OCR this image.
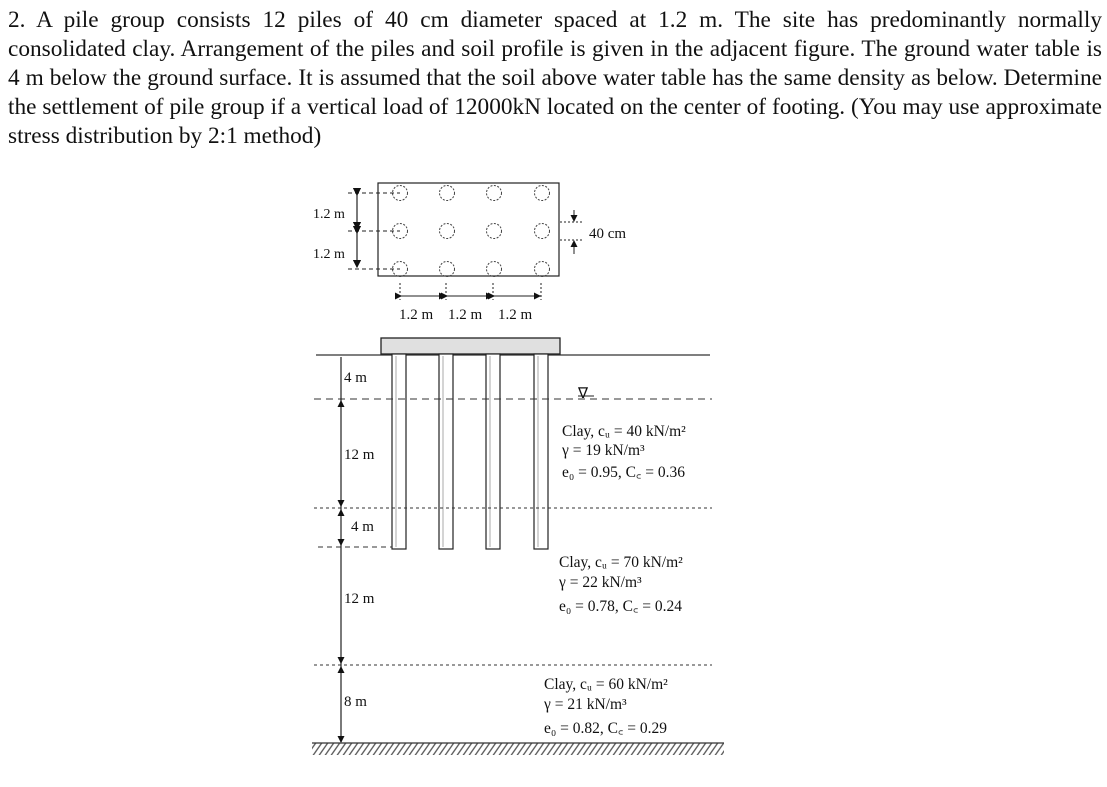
2. A pile group consists 12 piles of 40 cm diameter spaced at 1.2 m. The site has predominantly normally consolidated clay. Arrangement of the piles and soil profile is given in the adjacent figure. The ground water table is 4 m below the ground surface. It is assumed that the soil above water table has the same density as below. Determine the settlement of pile group if a vertical load of 12000kN located on the center of footing. (You may use approximate stress distribution by 2:1 method)

1.2 m
1.2 m
40 cm
1.2 m 1.2 m 1.2 m
∇
4 m
12 m
4 m
12 m
8 m
Clay, cᵤ = 40 kN/m²
γ = 19 kN/m³
e₀ = 0.95, C꜀ = 0.36
Clay, cᵤ = 70 kN/m²
γ = 22 kN/m³
e₀ = 0.78, C꜀ = 0.24
Clay, cᵤ = 60 kN/m²
γ = 21 kN/m³
e₀ = 0.82, C꜀ = 0.29
